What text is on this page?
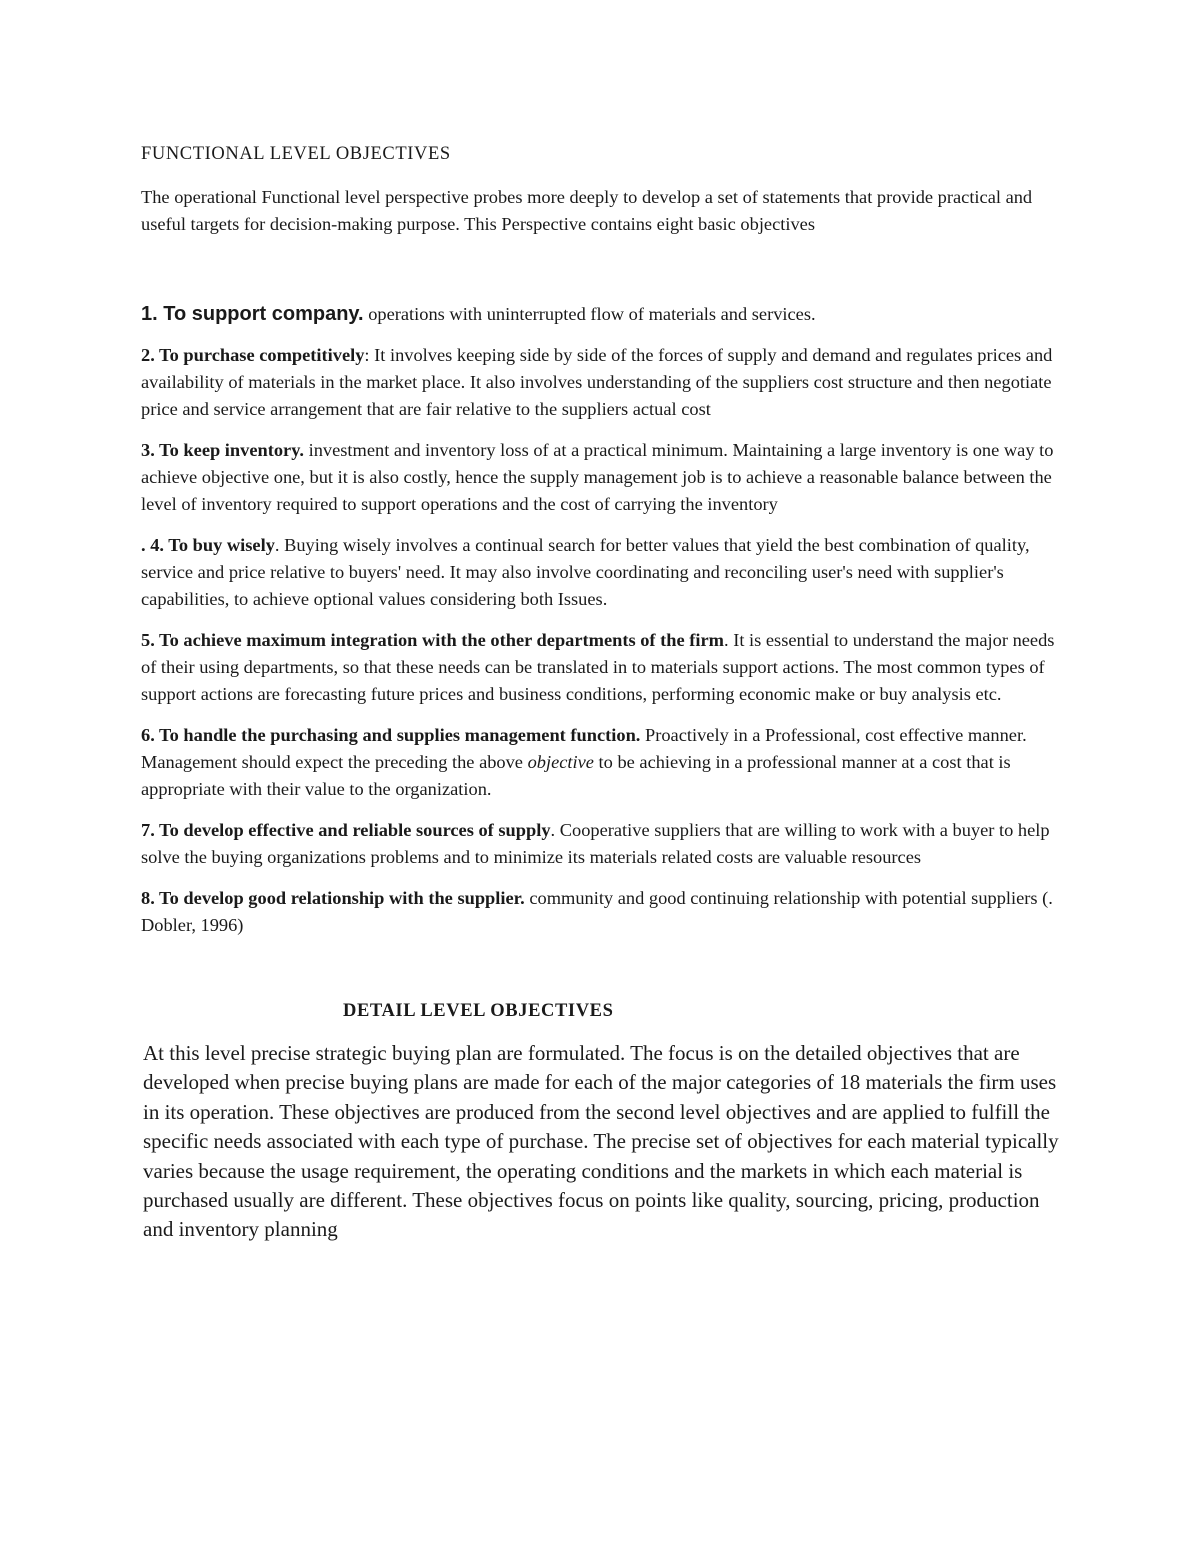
FUNCTIONAL LEVEL OBJECTIVES

The operational Functional level perspective probes more deeply to develop a set of statements that provide practical and useful targets for decision-making purpose. This Perspective contains eight basic objectives

1. To support company. operations with uninterrupted flow of materials and services.

2. To purchase competitively: It involves keeping side by side of the forces of supply and demand and regulates prices and availability of materials in the market place. It also involves understanding of the suppliers cost structure and then negotiate price and service arrangement that are fair relative to the suppliers actual cost

3. To keep inventory. investment and inventory loss of at a practical minimum. Maintaining a large inventory is one way to achieve objective one, but it is also costly, hence the supply management job is to achieve a reasonable balance between the level of inventory required to support operations and the cost of carrying the inventory

. 4. To buy wisely. Buying wisely involves a continual search for better values that yield the best combination of quality, service and price relative to buyers' need. It may also involve coordinating and reconciling user's need with supplier's capabilities, to achieve optional values considering both Issues.

5. To achieve maximum integration with the other departments of the firm. It is essential to understand the major needs of their using departments, so that these needs can be translated in to materials support actions. The most common types of support actions are forecasting future prices and business conditions, performing economic make or buy analysis etc.

6. To handle the purchasing and supplies management function. Proactively in a Professional, cost effective manner. Management should expect the preceding the above objective to be achieving in a professional manner at a cost that is appropriate with their value to the organization.

7. To develop effective and reliable sources of supply. Cooperative suppliers that are willing to work with a buyer to help solve the buying organizations problems and to minimize its materials related costs are valuable resources

8. To develop good relationship with the supplier. community and good continuing relationship with potential suppliers (. Dobler, 1996)

DETAIL LEVEL OBJECTIVES

At this level precise strategic buying plan are formulated. The focus is on the detailed objectives that are developed when precise buying plans are made for each of the major categories of 18 materials the firm uses in its operation. These objectives are produced from the second level objectives and are applied to fulfill the specific needs associated with each type of purchase. The precise set of objectives for each material typically varies because the usage requirement, the operating conditions and the markets in which each material is purchased usually are different. These objectives focus on points like quality, sourcing, pricing, production and inventory planning
